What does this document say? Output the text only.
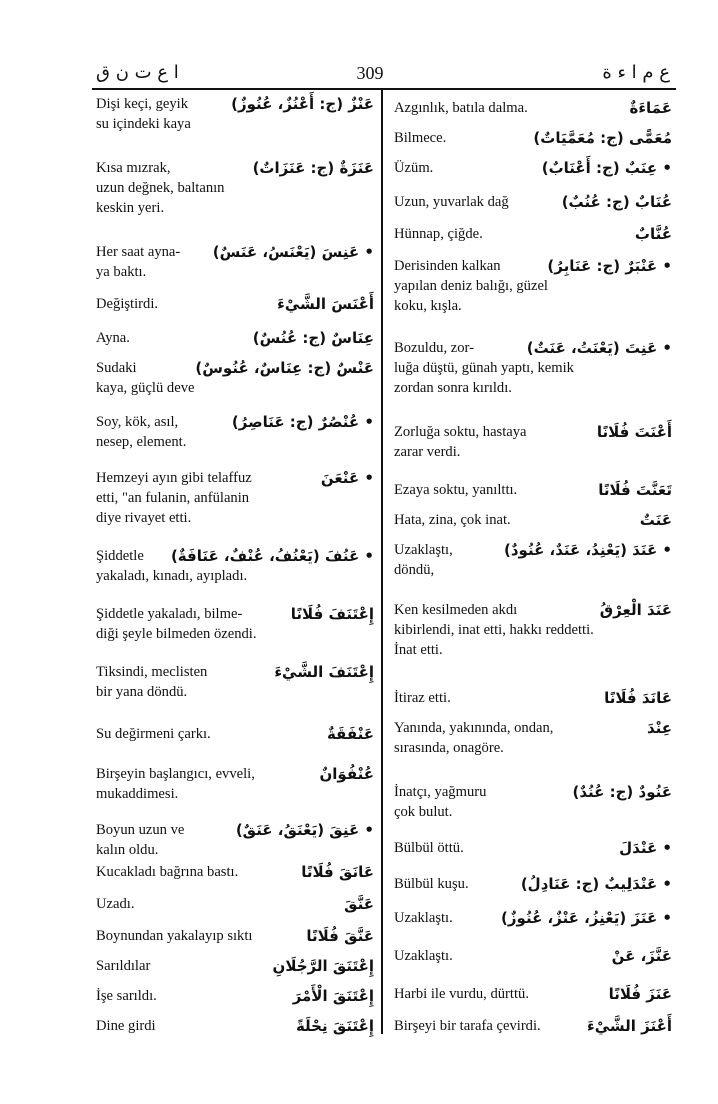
ا ع ت ن ق	309	ع م ا ء ة
Dişi keçi, geyik
su içindeki kaya
عَنْزٌ (ج: أَعْنُزٌ، عُنُوزٌ)
Kısa mızrak,
uzun değnek, baltanın
keskin yeri.
عَنَزَةٌ (ج: عَنَزَاتٌ)
Her saat ayna-
ya baktı.
• عَنِسَ (يَعْنَسُ، عَنَسٌ)
Değiştirdi.	أَعْنَسَ الشَّيْءَ
Ayna.	عِنَاسٌ (ج: عُنُسٌ)
Sudaki
kaya, güçlü deve
عَنْسٌ (ج: عِنَاسٌ، عُنُوسٌ)
Soy, kök, asıl,
nesep, element.
• عُنْصُرٌ (ج: عَنَاصِرُ)
Hemzeyi ayın gibi telaffuz
etti, "an fulanin, anfülanin
diye rivayet etti.
• عَنْعَنَ
Şiddetle
yakaladı, kınadı, ayıpladı.
• عَنُفَ (يَعْنُفُ، عُنْفٌ، عَنَافَةٌ)
Şiddetle yakaladı, bilme-
diği şeyle bilmeden özendi.
إِعْتَنَفَ فُلَانًا
Tiksindi, meclisten
bir yana döndü.
إِعْتَنَفَ الشَّيْءَ
Su değirmeni çarkı.	عَنْفَقَةٌ
Birşeyin başlangıcı, evveli,
mukaddimesi.
عُنْفُوَانٌ
Boyun uzun ve
kalın oldu.
• عَنِقَ (يَعْنَقُ، عَنَقٌ)
Kucakladı bağrına bastı.	عَانَقَ فُلَانًا
Uzadı.	عَنَّقَ
Boynundan yakalayıp sıktı	عَنَّقَ فُلَانًا
Sarıldılar	إِعْتَنَقَ الرَّجُلَانِ
İşe sarıldı.	إِعْتَنَقَ الْأَمْرَ
Dine girdi	إِعْتَنَقَ نِحْلَةً
Azgınlık, batıla dalma.	عَمَاءَةٌ
Bilmece.	مُعَمًّى (ج: مُعَمَّيَاتٌ)
Üzüm.	• عِنَبٌ (ج: أَعْنَابٌ)
Uzun, yuvarlak dağ	عُنَابٌ (ج: عُنُبٌ)
Hünnap, çiğde.	عُنَّابٌ
Derisinden kalkan
yapılan deniz balığı, güzel
koku, kışla.
• عَنْبَرٌ (ج: عَنَابِرُ)
Bozuldu, zor-
luğa düştü, günah yaptı, kemik
zordan sonra kırıldı.
• عَنِتَ (يَعْنَتُ، عَنَتٌ)
Zorluğa soktu, hastaya
zarar verdi.
أَعْنَتَ فُلَانًا
Ezaya soktu, yanılttı.	تَعَنَّتَ فُلَانًا
Hata, zina, çok inat.	عَنَتٌ
Uzaklaştı,
döndü,
• عَنَدَ (يَعْنِدُ، عَنَدٌ، عُنُودٌ)
Ken kesilmeden akdı
kibirlendi, inat etti, hakkı reddetti.
İnat etti.
عَنَدَ الْعِرْقُ
İtiraz etti.	عَانَدَ فُلَانًا
Yanında, yakınında, ondan,
sırasında, onagöre.
عِنْدَ
İnatçı, yağmuru
çok bulut.
عَنُودٌ (ج: عُنُدٌ)
Bülbül öttü.	• عَنْدَلَ
Bülbül kuşu.	• عَنْدَلِيبٌ (ج: عَنَادِلُ)
Uzaklaştı.	• عَنَزَ (يَعْنِزُ، عَنْزٌ، عُنُوزٌ)
Uzaklaştı.	عَنَّزَ، عَنْ
Harbi ile vurdu, dürttü.	عَنَزَ فُلَانًا
Birşeyi bir tarafa çevirdi.	أَعْنَزَ الشَّيْءَ
